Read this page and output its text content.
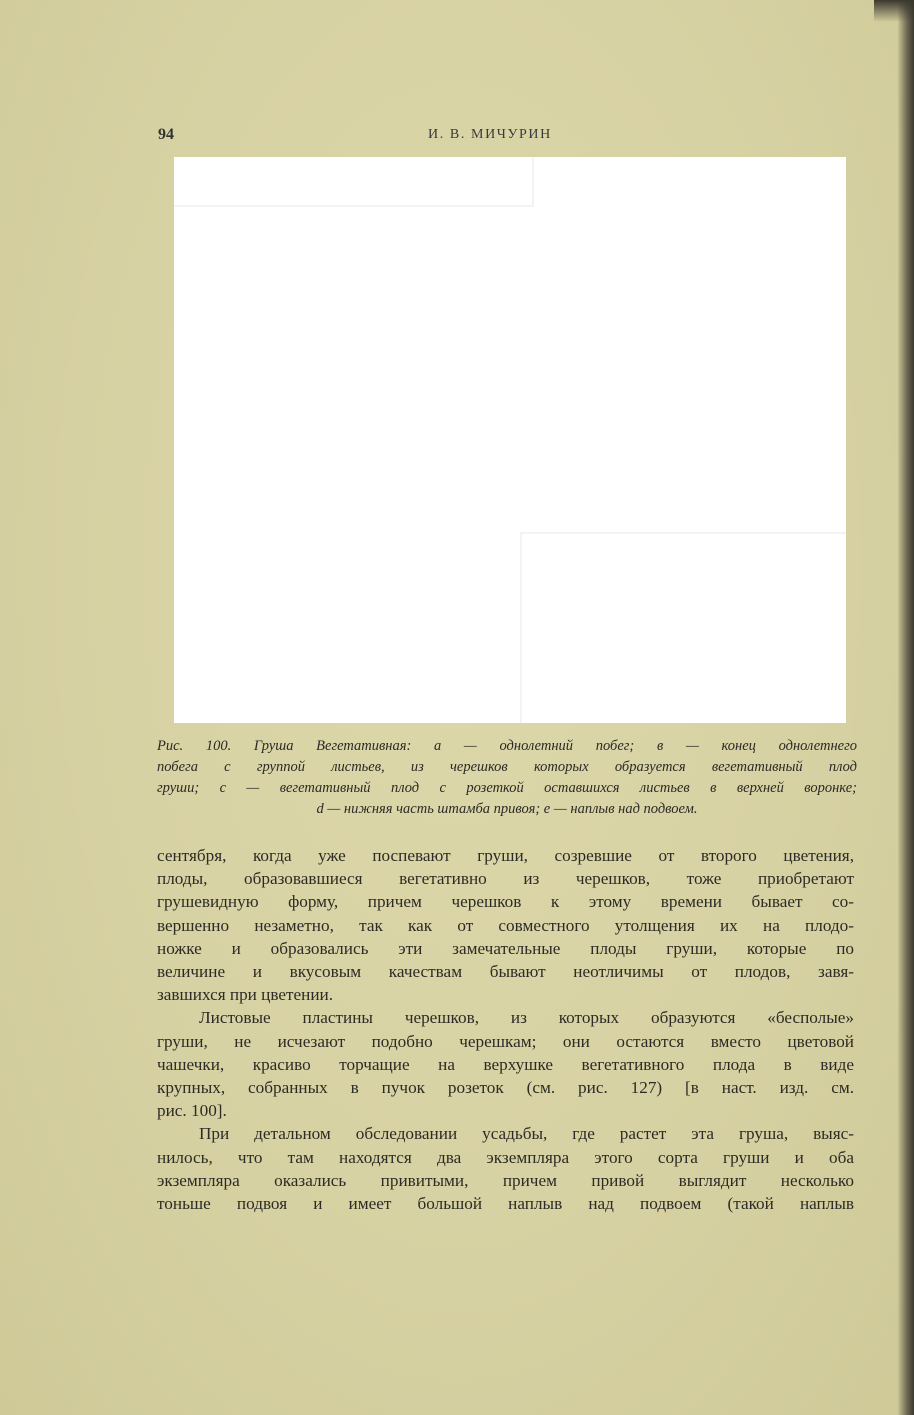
94	И. В. МИЧУРИН
Рис. 100. Груша Вегетативная: а — однолетний побег; в — конец однолетнего
побега с группой листьев, из черешков которых образуется вегетативный плод
груши; с — вегетативный плод с розеткой оставшихся листьев в верхней воронке;
d — нижняя часть штамба привоя; е — наплыв над подвоем.
сентября, когда уже поспевают груши, созревшие от второго цветения,
плоды, образовавшиеся вегетативно из черешков, тоже приобретают
грушевидную форму, причем черешков к этому времени бывает со-
вершенно незаметно, так как от совместного утолщения их на плодо-
ножке и образовались эти замечательные плоды груши, которые по
величине и вкусовым качествам бывают неотличимы от плодов, завя-
завшихся при цветении.
Листовые пластины черешков, из которых образуются «бесполые»
груши, не исчезают подобно черешкам; они остаются вместо цветовой
чашечки, красиво торчащие на верхушке вегетативного плода в виде
крупных, собранных в пучок розеток (см. рис. 127) [в наст. изд. см.
рис. 100].
При детальном обследовании усадьбы, где растет эта груша, выяс-
нилось, что там находятся два экземпляра этого сорта груши и оба
экземпляра оказались привитыми, причем привой выглядит несколько
тоньше подвоя и имеет большой наплыв над подвоем (такой наплыв
